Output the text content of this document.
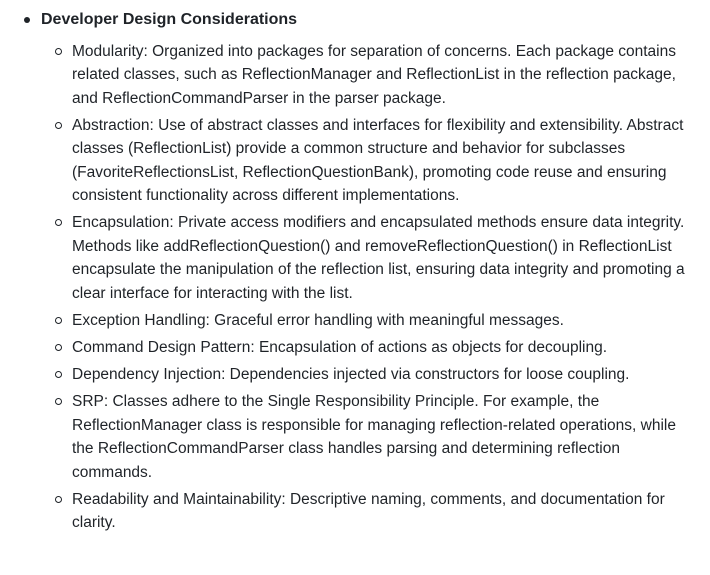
Developer Design Considerations
Modularity: Organized into packages for separation of concerns. Each package contains related classes, such as ReflectionManager and ReflectionList in the reflection package, and ReflectionCommandParser in the parser package.
Abstraction: Use of abstract classes and interfaces for flexibility and extensibility. Abstract classes (ReflectionList) provide a common structure and behavior for subclasses (FavoriteReflectionsList, ReflectionQuestionBank), promoting code reuse and ensuring consistent functionality across different implementations.
Encapsulation: Private access modifiers and encapsulated methods ensure data integrity. Methods like addReflectionQuestion() and removeReflectionQuestion() in ReflectionList encapsulate the manipulation of the reflection list, ensuring data integrity and promoting a clear interface for interacting with the list.
Exception Handling: Graceful error handling with meaningful messages.
Command Design Pattern: Encapsulation of actions as objects for decoupling.
Dependency Injection: Dependencies injected via constructors for loose coupling.
SRP: Classes adhere to the Single Responsibility Principle. For example, the ReflectionManager class is responsible for managing reflection-related operations, while the ReflectionCommandParser class handles parsing and determining reflection commands.
Readability and Maintainability: Descriptive naming, comments, and documentation for clarity.
